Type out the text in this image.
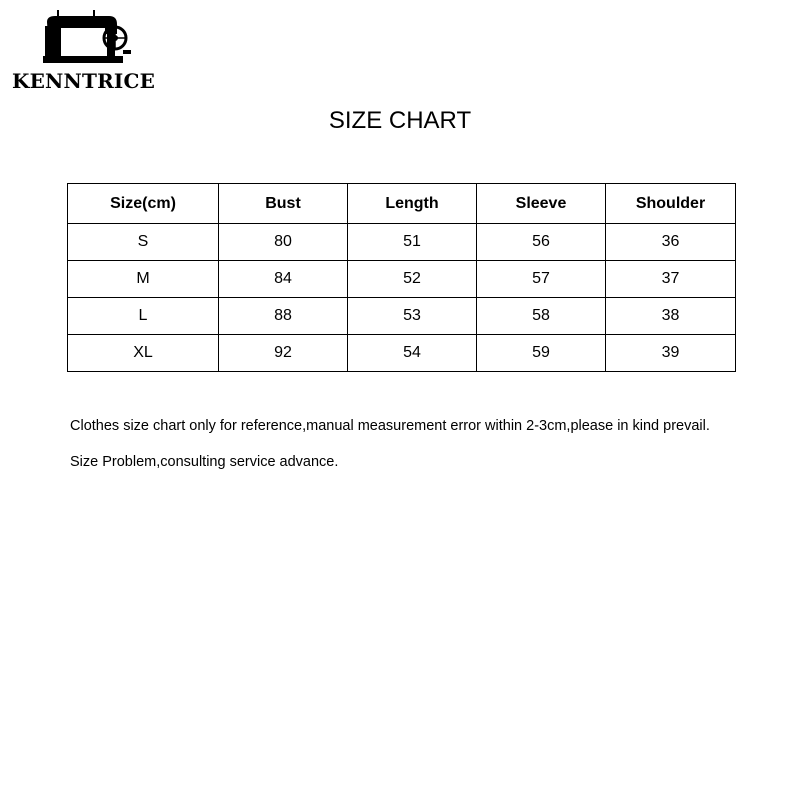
KENNTRICE
SIZE CHART
Size(cm)	Bust	Length	Sleeve	Shoulder
S	80	51	56	36
M	84	52	57	37
L	88	53	58	38
XL	92	54	59	39
Clothes size chart only for reference,manual measurement error within 2-3cm,please in kind prevail.
Size Problem,consulting service advance.
